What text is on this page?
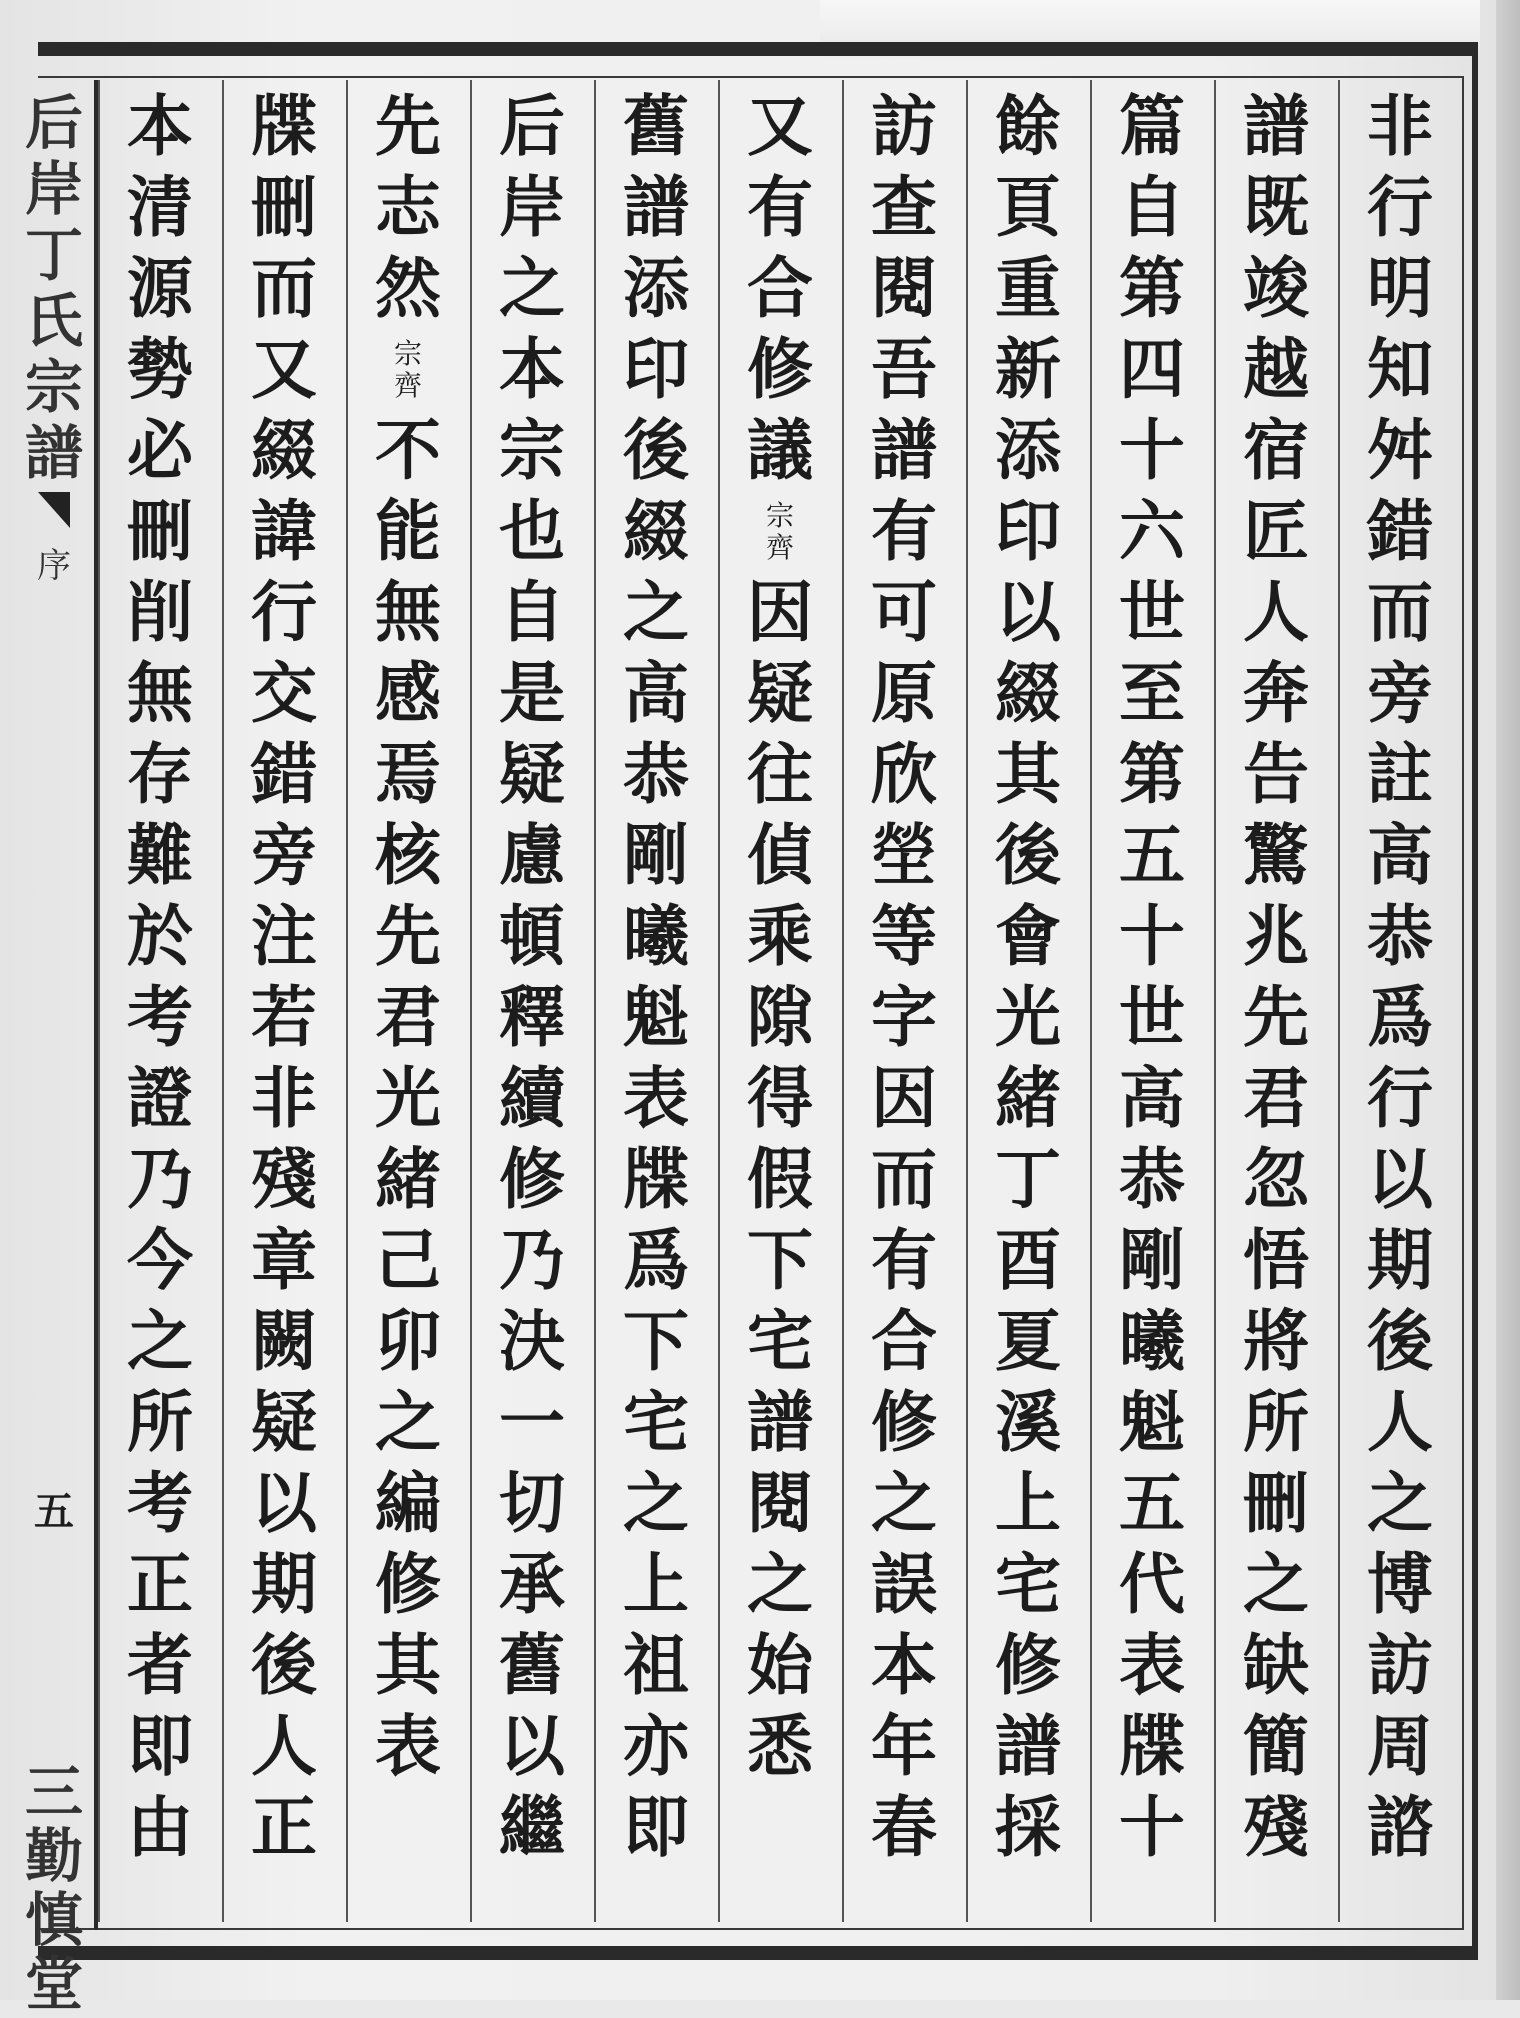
后
岸
丁
氏
宗
譜
序
五
三
勤
慎
堂
非
行
明
知
舛
錯
而
旁
註
高
恭
爲
行
以
期
後
人
之
博
訪
周
諮
譜
既
竣
越
宿
匠
人
奔
告
驚
兆
先
君
忽
悟
將
所
刪
之
缺
簡
殘
篇
自
第
四
十
六
世
至
第
五
十
世
高
恭
剛
曦
魁
五
代
表
牒
十
餘
頁
重
新
添
印
以
綴
其
後
會
光
緒
丁
酉
夏
溪
上
宅
修
譜
採
訪
查
閱
吾
譜
有
可
原
欣
塋
等
字
因
而
有
合
修
之
誤
本
年
春
又
有
合
修
議
宗
齊
因
疑
往
偵
乘
隙
得
假
下
宅
譜
閱
之
始
悉
舊
譜
添
印
後
綴
之
高
恭
剛
曦
魁
表
牒
爲
下
宅
之
上
祖
亦
即
后
岸
之
本
宗
也
自
是
疑
慮
頓
釋
續
修
乃
決
一
切
承
舊
以
繼
先
志
然
宗
齊
不
能
無
感
焉
核
先
君
光
緒
己
卯
之
編
修
其
表
牒
刪
而
又
綴
諱
行
交
錯
旁
注
若
非
殘
章
闕
疑
以
期
後
人
正
本
清
源
勢
必
刪
削
無
存
難
於
考
證
乃
今
之
所
考
正
者
即
由
